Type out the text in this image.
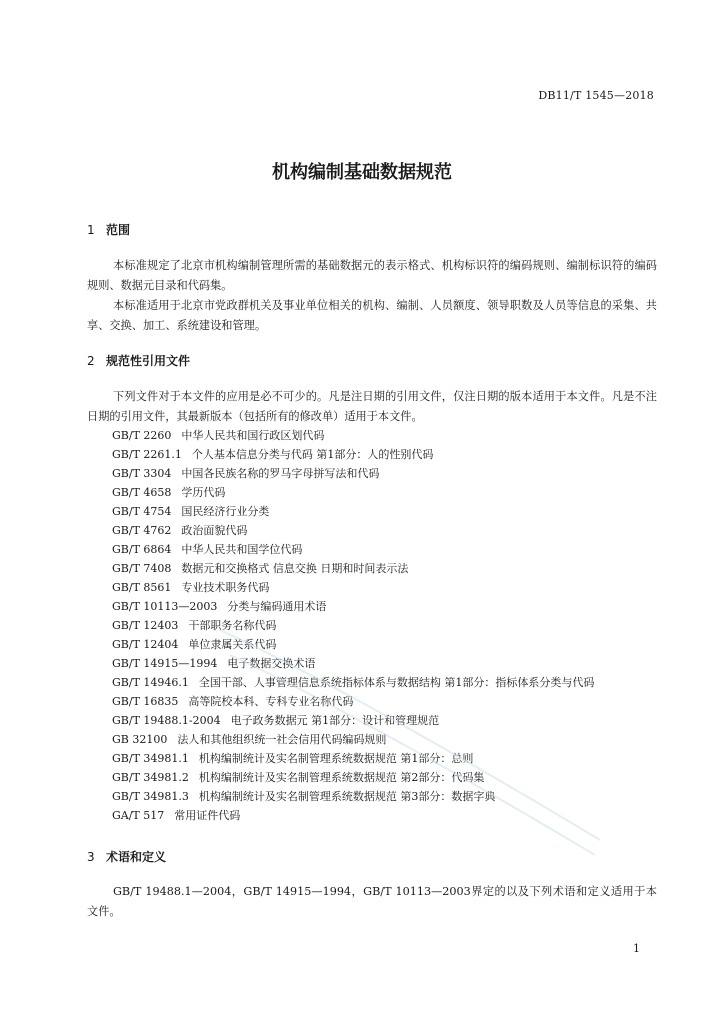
DB11/T 1545—2018
机构编制基础数据规范
1 范围

本标准规定了北京市机构编制管理所需的基础数据元的表示格式、机构标识符的编码规则、编制标识符的编码规则、数据元目录和代码集。

本标准适用于北京市党政群机关及事业单位相关的机构、编制、人员额度、领导职数及人员等信息的采集、共享、交换、加工、系统建设和管理。

2 规范性引用文件

下列文件对于本文件的应用是必不可少的。凡是注日期的引用文件，仅注日期的版本适用于本文件。凡是不注日期的引用文件，其最新版本（包括所有的修改单）适用于本文件。

GB/T 2260 中华人民共和国行政区划代码
GB/T 2261.1 个人基本信息分类与代码 第1部分：人的性别代码
GB/T 3304 中国各民族名称的罗马字母拼写法和代码
GB/T 4658 学历代码
GB/T 4754 国民经济行业分类
GB/T 4762 政治面貌代码
GB/T 6864 中华人民共和国学位代码
GB/T 7408 数据元和交换格式 信息交换 日期和时间表示法
GB/T 8561 专业技术职务代码
GB/T 10113—2003 分类与编码通用术语
GB/T 12403 干部职务名称代码
GB/T 12404 单位隶属关系代码
GB/T 14915—1994 电子数据交换术语
GB/T 14946.1 全国干部、人事管理信息系统指标体系与数据结构 第1部分：指标体系分类与代码
GB/T 16835 高等院校本科、专科专业名称代码
GB/T 19488.1-2004 电子政务数据元 第1部分：设计和管理规范
GB 32100 法人和其他组织统一社会信用代码编码规则
GB/T 34981.1 机构编制统计及实名制管理系统数据规范 第1部分：总则
GB/T 34981.2 机构编制统计及实名制管理系统数据规范 第2部分：代码集
GB/T 34981.3 机构编制统计及实名制管理系统数据规范 第3部分：数据字典
GA/T 517 常用证件代码
3 术语和定义

GB/T 19488.1—2004，GB/T 14915—1994，GB/T 10113—2003界定的以及下列术语和定义适用于本文件。

1
